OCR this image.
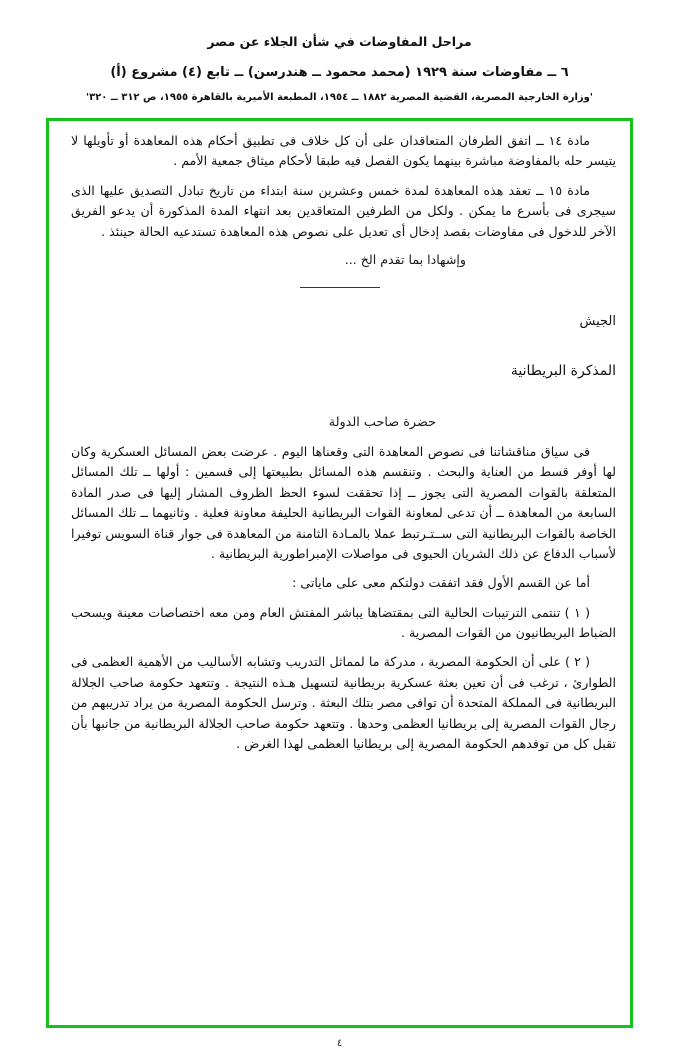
مراحل المفاوضات في شأن الجلاء عن مصر
٦ ــ مفاوضات سنة ١٩٢٩ (محمد محمود ــ هندرسن) ــ تابع (٤) مشروع (أ)
'وزارة الخارجية المصرية، القضية المصرية ١٨٨٢ ــ ١٩٥٤، المطبعة الأميرية بالقاهرة ١٩٥٥، ص ٣١٢ ــ ٣٢٠'

مادة ١٤ ــ اتفق الطرفان المتعاقدان على أن كل خلاف فى تطبيق أحكام هذه المعاهدة أو تأويلها لا يتيسر حله بالمفاوضة مباشرة بينهما يكون الفصل فيه طبقا لأحكام ميثاق جمعية الأمم .

مادة ١٥ ــ تعقد هذه المعاهدة لمدة خمس وعشرين سنة ابتداء من تاريخ تبادل التصديق عليها الذى سيجرى فى بأسرع ما يمكن . ولكل من الطرفين المتعاقدين بعد انتهاء المدة المذكورة أن يدعو الفريق الآخر للدخول فى مفاوضات بقصد إدخال أى تعديل على نصوص هذه المعاهدة تستدعيه الحالة حينئذ .

وإشهادا بما تقدم الخ ...

الجيش
المذكرة البريطانية
حضرة صاحب الدولة

فى سياق مناقشاتنا فى نصوص المعاهدة التى وقعناها اليوم . عرضت بعض المسائل العسكرية وكان لها أوفر قسط من العناية والبحث . وتنقسم هذه المسائل بطبيعتها إلى قسمين : أولها ــ تلك المسائل المتعلقة بالقوات المصرية التى يجوز ــ إذا تحققت لسوء الحظ الظروف المشار إليها فى صدر المادة السابعة من المعاهدة ــ أن تدعى لمعاونة القوات البريطانية الحليفة معاونة فعلية . وثانيهما ــ تلك المسائل الخاصة بالقوات البريطانية التى ســتـرتبط عملا بالمـادة الثامنة من المعاهدة فى جوار قناة السويس توفيرا لأسباب الدفاع عن ذلك الشريان الحيوى فى مواصلات الإمبراطورية البريطانية .

أما عن القسم الأول فقد اتفقت دولتكم معى على ماياتى :

( ١ ) تنتمى الترتيبات الحالية التى بمقتضاها يباشر المفتش العام ومن معه اختصاصات معينة ويسحب الضباط البريطانيون من القوات المصرية .

( ٢ ) على أن الحكومة المصرية ، مدركة ما لمماثل التدريب وتشابه الأساليب من الأهمية العظمى فى الطوارئ ، ترغب فى أن تعين بعثة عسكرية بريطانية لتسهيل هـذه النتيجة . وتتعهد حكومة صاحب الجلالة البريطانية فى المملكة المتحدة أن توافى مصر بتلك البعثة . وترسل الحكومة المصرية من يراد تدريبهم من رجال القوات المصرية إلى بريطانيا العظمى وحدها . وتتعهد حكومة صاحب الجلالة البريطانية من جانبها بأن تقبل كل من توفدهم الحكومة المصرية إلى بريطانيا العظمى لهذا الغرض .

٤
